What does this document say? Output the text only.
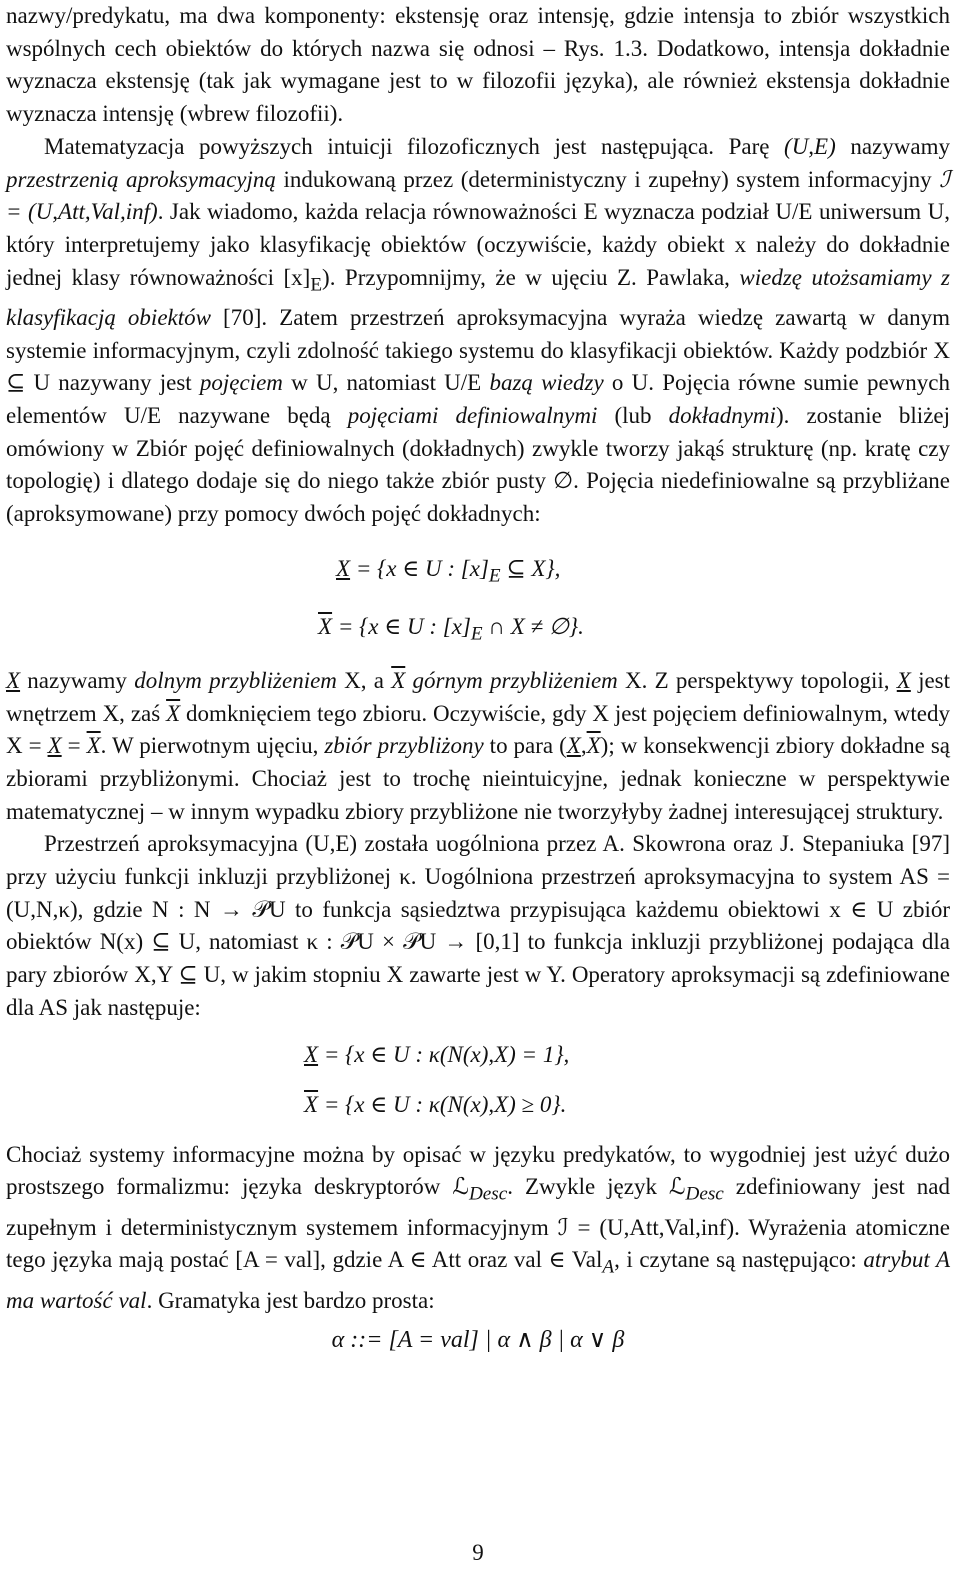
nazwy/predykatu, ma dwa komponenty: ekstensję oraz intensję, gdzie intensja to zbiór wszystkich wspólnych cech obiektów do których nazwa się odnosi – Rys. 1.3. Dodatkowo, intensja dokładnie wyznacza ekstensję (tak jak wymagane jest to w filozofii języka), ale również ekstensja dokładnie wyznacza intensję (wbrew filozofii).

Matematyzacja powyższych intuicji filozoficznych jest następująca. Parę (U,E) nazywamy przestrzenią aproksymacyjną indukowaną przez (deterministyczny i zupełny) system informacyjny ℐ = (U,Att,Val,inf). Jak wiadomo, każda relacja równoważności E wyznacza podział U/E uniwersum U, który interpretujemy jako klasyfikację obiektów (oczywiście, każdy obiekt x należy do dokładnie jednej klasy równoważności $[x]_E$). Przypomnijmy, że w ujęciu Z. Pawlaka, wiedzę utożsamiamy z klasyfikacją obiektów [70]. Zatem przestrzeń aproksymacyjna wyraża wiedzę zawartą w danym systemie informacyjnym, czyli zdolność takiego systemu do klasyfikacji obiektów. Każdy podzbiór X ⊆ U nazywany jest pojęciem w U, natomiast U/E bazą wiedzy o U. Pojęcia równe sumie pewnych elementów U/E nazywane będą pojęciami definiowalnymi (lub dokładnymi). zostanie bliżej omówiony w Zbiór pojęć definiowalnych (dokładnych) zwykle tworzy jakąś strukturę (np. kratę czy topologię) i dlatego dodaje się do niego także zbiór pusty ∅. Pojęcia niedefiniowalne są przybliżane (aproksymowane) przy pomocy dwóch pojęć dokładnych:

X = {x ∈ U : $[x]_E$ ⊆ X},
$\overline{X} = \{x$ ∈ U : $[x]_E$ ∩ X ≠ ∅}.

X nazywamy dolnym przybliżeniem X, a $\overline{X}$ górnym przybliżeniem X. Z perspektywy topologii, X jest wnętrzem X, zaś $\overline{X}$ domknięciem tego zbioru. Oczywiście, gdy X jest pojęciem definiowalnym, wtedy $X = X = \overline{X}$. W pierwotnym ujęciu, zbiór przybliżony to para $(X,\overline{X})$; w konsekwencji zbiory dokładne są zbiorami przybliżonymi. Chociaż jest to trochę nieintuicyjne, jednak konieczne w perspektywie matematycznej – w innym wypadku zbiory przybliżone nie tworzyłyby żadnej interesującej struktury.

Przestrzeń aproksymacyjna (U,E) została uogólniona przez A. Skowrona oraz J. Stepaniuka [97] przy użyciu funkcji inkluzji przybliżonej κ. Uogólniona przestrzeń aproksymacyjna to system AS = (U,N,κ), gdzie N : N → 𝒫U to funkcja sąsiedztwa przypisująca każdemu obiektowi x ∈ U zbiór obiektów N(x) ⊆ U, natomiast κ : 𝒫U × 𝒫U → [0,1] to funkcja inkluzji przybliżonej podająca dla pary zbiorów X,Y ⊆ U, w jakim stopniu X zawarte jest w Y. Operatory aproksymacji są zdefiniowane dla AS jak następuje:

X = {x ∈ U : κ(N(x),X) = 1},
$\overline{X} = \{x$ ∈ U : κ(N(x),X) ≥ 0}.

Chociaż systemy informacyjne można by opisać w języku predykatów, to wygodniej jest użyć dużo prostszego formalizmu: języka deskryptorów ℒ$_{Desc}$. Zwykle język ℒ$_{Desc}$ zdefiniowany jest nad zupełnym i deterministycznym systemem informacyjnym ℐ = (U,Att,Val,inf). Wyrażenia atomiczne tego języka mają postać [A = val], gdzie A ∈ Att oraz val ∈ Val$_A$, i czytane są następująco: atrybut A ma wartość val. Gramatyka jest bardzo prosta:

α ::= [A = val] | α ∧ β | α ∨ β
9
